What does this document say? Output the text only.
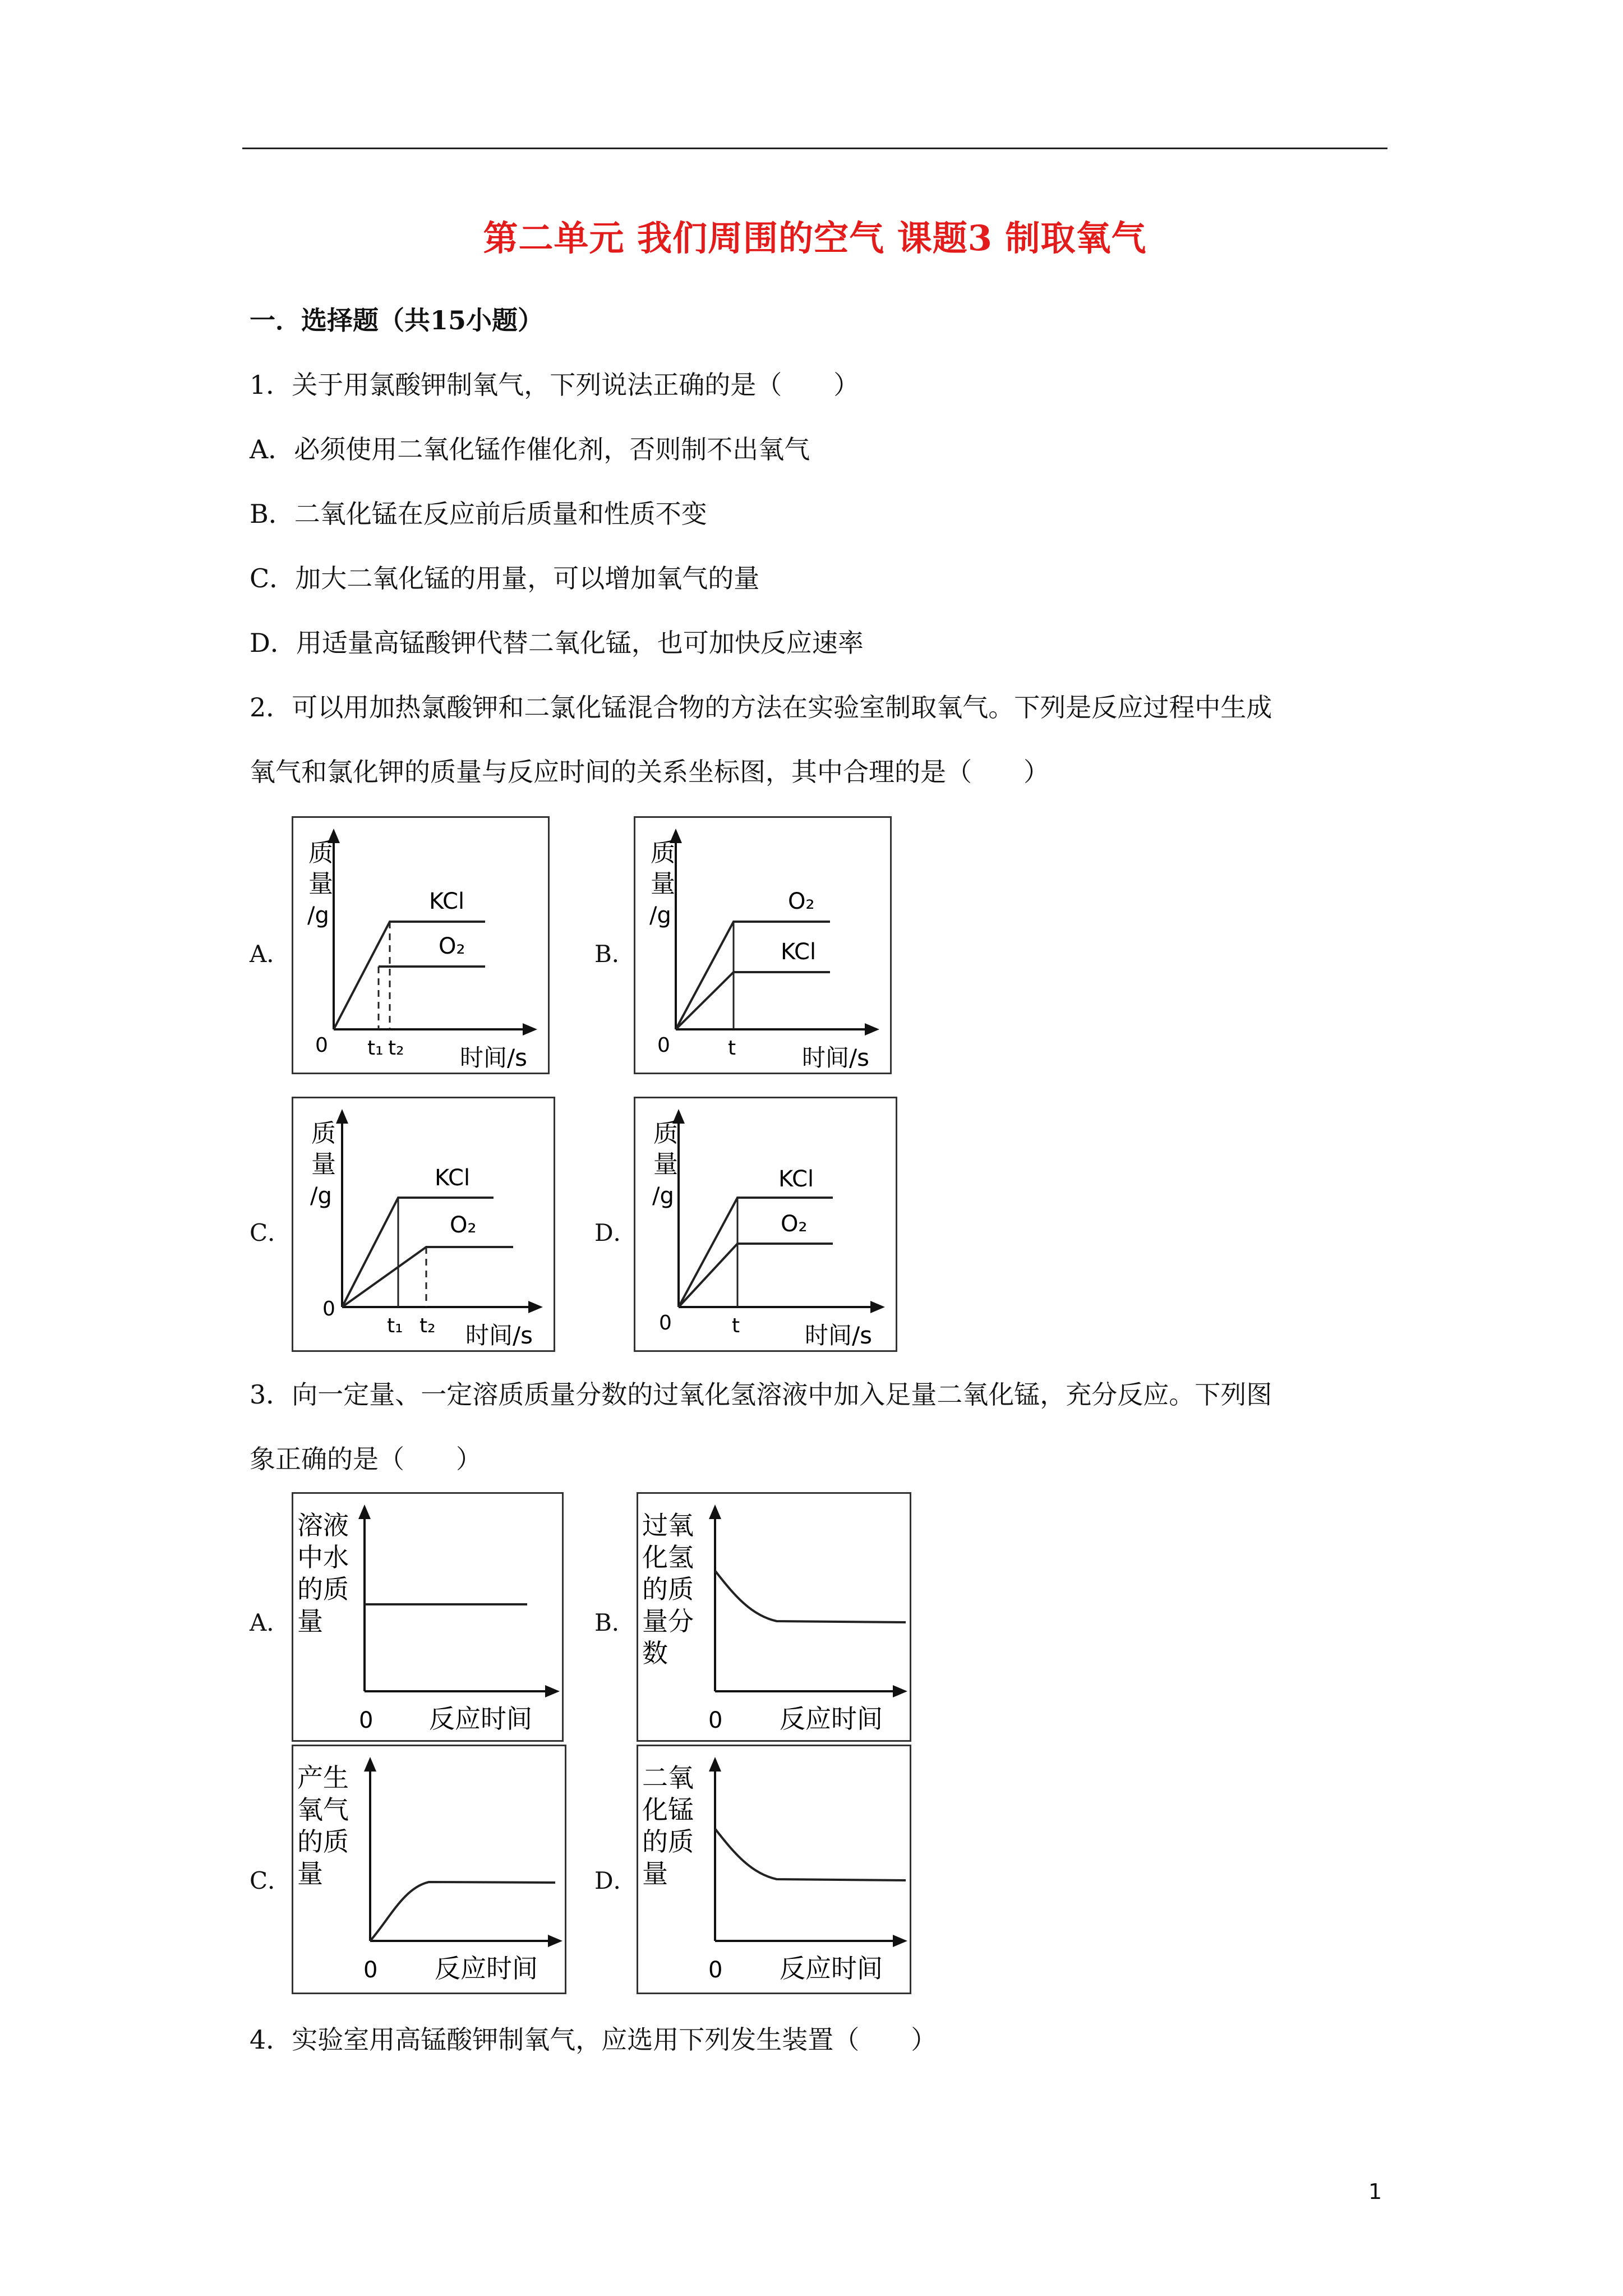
第二单元 我们周围的空气 课题3 制取氧气
一．选择题（共15小题）
1．关于用氯酸钾制氧气，下列说法正确的是（　　）
A．必须使用二氧化锰作催化剂，否则制不出氧气
B．二氧化锰在反应前后质量和性质不变
C．加大二氧化锰的用量，可以增加氧气的量
D．用适量高锰酸钾代替二氧化锰，也可加快反应速率
2．可以用加热氯酸钾和二氯化锰混合物的方法在实验室制取氧气。下列是反应过程中生成
氧气和氯化钾的质量与反应时间的关系坐标图，其中合理的是（　　）
A．	B．
C．	D．
质
量
/g
0	时间/s
t₁ t₂
KCl
O₂
质
量
/g
0	时间/s
t
O₂
KCl
质
量
/g
0
时间/s
t₁ t₂
KCl
O₂
质
量
/g
0	时间/s
t
KCl
O₂
3．向一定量、一定溶质质量分数的过氧化氢溶液中加入足量二氧化锰，充分反应。下列图
象正确的是（　　）
A．	B．
C．	D．
溶液
中水
的质
量
0 反应时间
过氧
化氢
的质
量分
数
0 反应时间
产生
氧气
的质
量
0 反应时间
二氧
化锰
的质
量
0 反应时间
4．实验室用高锰酸钾制氧气，应选用下列发生装置（　　）
1
